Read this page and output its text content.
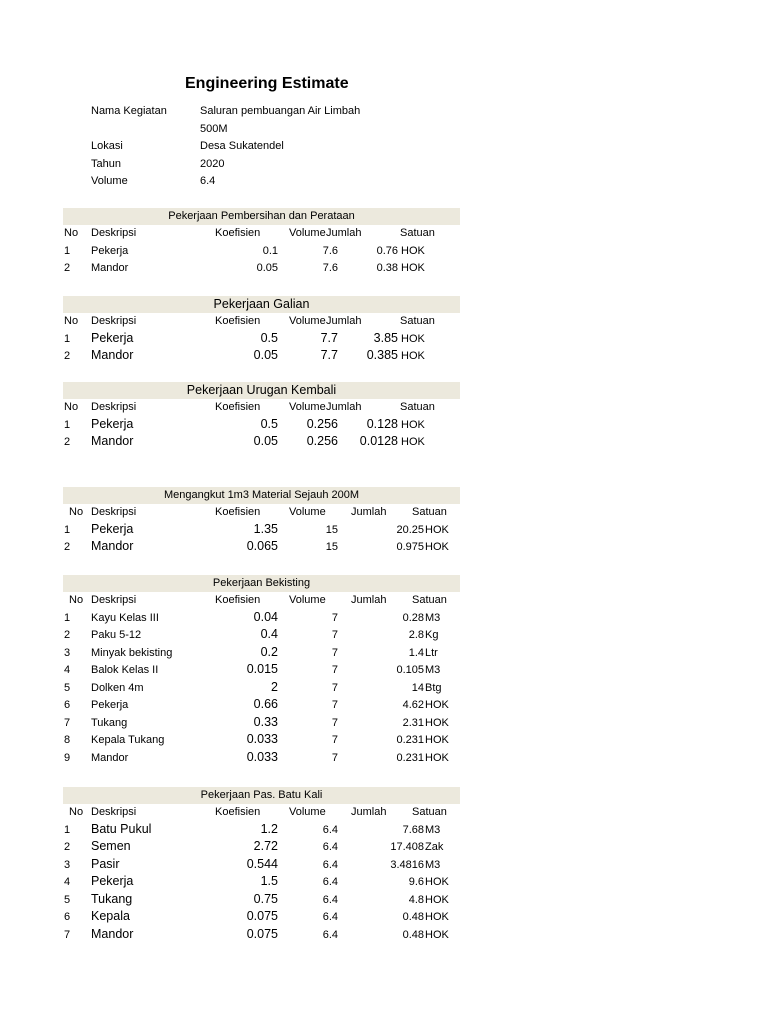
Engineering Estimate
Nama Kegiatan	Saluran pembuangan Air Limbah
500M
Lokasi	Desa Sukatendel
Tahun	2020
Volume	6.4
Pekerjaan Pembersihan dan Perataan
No Deskripsi	Koefisien	Volume Jumlah	Satuan
1 Pekerja	0.1	7.6	0.76 HOK
2 Mandor	0.05	7.6	0.38 HOK
Pekerjaan Galian
No Deskripsi	Koefisien	Volume Jumlah	Satuan
1 Pekerja	0.5	7.7	3.85 HOK
2 Mandor	0.05	7.7 0.385 HOK
Pekerjaan Urugan Kembali
No Deskripsi	Koefisien	Volume Jumlah	Satuan
1 Pekerja	0.5 0.256 0.128 HOK
2 Mandor	0.05 0.256 0.0128 HOK
Mengangkut 1m3 Material Sejauh 200M
No Deskripsi	Koefisien	Volume Jumlah Satuan
1 Pekerja	1.35	15	20.25 HOK
2 Mandor	0.065	15	0.975 HOK
Pekerjaan Bekisting
No Deskripsi	Koefisien	Volume Jumlah Satuan
1 Kayu Kelas III	0.04	7	0.28 M3
2 Paku 5-12	0.4	7	2.8 Kg
3 Minyak bekisting	0.2	7	1.4 Ltr
4 Balok Kelas II	0.015	7	0.105 M3
5 Dolken 4m	2	7	14 Btg
6 Pekerja	0.66	7	4.62 HOK
7 Tukang	0.33	7	2.31 HOK
8 Kepala Tukang	0.033	7	0.231 HOK
9 Mandor	0.033	7	0.231 HOK
Pekerjaan Pas. Batu Kali
No Deskripsi	Koefisien	Volume Jumlah Satuan
1 Batu Pukul	1.2	6.4	7.68 M3
2 Semen	2.72	6.4	17.408 Zak
3 Pasir	0.544	6.4	3.4816 M3
4 Pekerja	1.5	6.4	9.6 HOK
5 Tukang	0.75	6.4	4.8 HOK
6 Kepala	0.075	6.4	0.48 HOK
7 Mandor	0.075	6.4	0.48 HOK
